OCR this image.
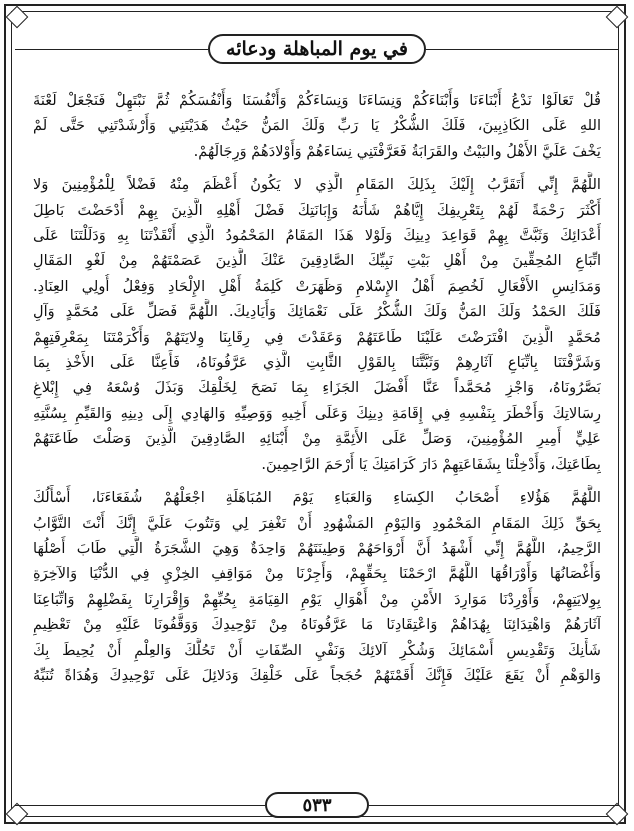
في يوم المباهلة ودعائه

قُلْ تَعَالَوْا نَدْعُ أَبْنَاءَنَا وَأَبْنَاءَكُمْ وَنِسَاءَنَا وَنِسَاءَكُمْ وَأَنْفُسَنَا وَأَنْفُسَكُمْ ثُمَّ نَبْتَهِلْ فَنَجْعَلْ لَعْنَةَ
اللهِ عَلَى الكَاذِبِينَ، فَلَكَ الشُّكْرُ يَا رَبِّ وَلَكَ المَنُّ حَيْثُ هَدَيْتَنِي وَأَرْشَدْتَنِي حَتَّى لَمْ
يَخْفَ عَلَيَّ الأَهْلُ والبَيْتُ والقَرَابَةُ فَعَرَّفْتَنِي نِسَاءَهُمْ وَأَوْلادَهُمْ وَرِجَالَهُمْ.

اللَّهُمَّ إِنِّي أَتَقَرَّبُ إِلَيْكَ بِذَلِكَ المَقَامِ الَّذِي لا يَكُونُ أَعْظَمَ مِنْهُ فَضْلاً لِلْمُؤْمِنِينَ وَلا
أَكْثَرَ رَحْمَةً لَهُمْ بِتَعْرِيفِكَ إِيَّاهُمْ شَأْنَهُ وَإِبَانَتِكَ فَضْلَ أَهْلِهِ الَّذِينَ بِهِمْ أَدْحَضْتَ بَاطِلَ
أَعْدَائِكَ وَثَبَّتَّ بِهِمْ قَوَاعِدَ دِينِكَ وَلَوْلا هَذَا المَقَامُ المَحْمُودُ الَّذِي أَنْقَذْتَنَا بِهِ وَدَلَلْتَنَا عَلَى
اتِّبَاعِ المُحِقِّينَ مِنْ أَهْلِ بَيْتِ نَبِيِّكَ الصَّادِقِينَ عَنْكَ الَّذِينَ عَصَمْتَهُمْ مِنْ لَغْوِ المَقَالِ
وَمَدَانِسِ الأَفْعَالِ لَخُصِمَ أَهْلُ الإِسْلامِ وَظَهَرَتْ كَلِمَةُ أَهْلِ الإِلْحَادِ وَفِعْلُ أُولِي العِنَادِ.
فَلَكَ الحَمْدُ وَلَكَ المَنُّ وَلَكَ الشُّكْرُ عَلَى نَعْمَائِكَ وَأَيَادِيكَ. اللَّهُمَّ فَصَلِّ عَلَى مُحَمَّدٍ وَآلِ
مُحَمَّدٍ الَّذِينَ افْتَرَضْتَ عَلَيْنَا طَاعَتَهُمْ وَعَقَدْتَ فِي رِقَابِنَا وِلايَتَهُمْ وَأَكْرَمْتَنَا بِمَعْرِفَتِهِمْ
وَشَرَّفْتَنَا بِاتِّبَاعِ آثَارِهِمْ وَثَبَّتَّنَا بِالقَوْلِ الثَّابِتِ الَّذِي عَرَّفُونَاهُ، فَأَعِنَّا عَلَى الأَخْذِ بِمَا
بَصَّرُونَاهُ، وَاجْزِ مُحَمَّداً عَنَّا أَفْضَلَ الجَزَاءِ بِمَا نَصَحَ لِخَلْقِكَ وَبَذَلَ وُسْعَهُ فِي إِبْلاغِ
رِسَالاتِكَ وَأَخْطَرَ بِنَفْسِهِ فِي إِقَامَةِ دِينِكَ وَعَلَى أَخِيهِ وَوَصِيِّهِ وَالهَادِي إِلَى دِينِهِ وَالقَيِّمِ بِسُنَّتِهِ
عَلِيٍّ أَمِيرِ المُؤْمِنِينَ، وَصَلِّ عَلَى الأَئِمَّةِ مِنْ أَبْنَائِهِ الصَّادِقِينَ الَّذِينَ وَصَلْتَ طَاعَتَهُمْ
بِطَاعَتِكَ، وَأَدْخِلْنَا بِشَفَاعَتِهِمْ دَارَ كَرَامَتِكَ يَا أَرْحَمَ الرَّاحِمِينَ.

اللَّهُمَّ هَؤُلاءِ أَصْحَابُ الكِسَاءِ وَالعَبَاءِ يَوْمَ المُبَاهَلَةِ اجْعَلْهُمْ شُفَعَاءَنَا، أَسْأَلُكَ
بِحَقِّ ذَلِكَ المَقَامِ المَحْمُودِ وَاليَوْمِ المَشْهُودِ أَنْ تَغْفِرَ لِي وَتَتُوبَ عَلَيَّ إِنَّكَ أَنْتَ التَّوَّابُ
الرَّحِيمُ، اللَّهُمَّ إِنِّي أَشْهَدُ أَنَّ أَرْوَاحَهُمْ وَطِينَتَهُمْ وَاحِدَةٌ وَهِيَ الشَّجَرَةُ الَّتِي طَابَ أَصْلُهَا
وَأَغْصَانُهَا وَأَوْرَاقُهَا اللَّهُمَّ ارْحَمْنَا بِحَقِّهِمْ، وَأَجِرْنَا مِنْ مَوَاقِفِ الخِزْيِ فِي الدُّنْيَا وَالآخِرَةِ
بِوِلايَتِهِمْ، وَأَوْرِدْنَا مَوَارِدَ الأَمْنِ مِنْ أَهْوَالِ يَوْمِ القِيَامَةِ بِحُبِّهِمْ وَإِقْرَارِنَا بِفَضْلِهِمْ وَاتِّبَاعِنَا
آثَارَهُمْ وَاهْتِدَائِنَا بِهُدَاهُمْ وَاعْتِقَادِنَا مَا عَرَّفُونَاهُ مِنْ تَوْحِيدِكَ وَوَقَّفُونَا عَلَيْهِ مِنْ تَعْظِيمِ
شَأْنِكَ وَتَقْدِيسِ أَسْمَائِكَ وَشُكْرِ آلائِكَ وَنَفْيِ الصِّفَاتِ أَنْ تَحُلَّكَ وَالعِلْمِ أَنْ يُحِيطَ بِكَ
وَالوَهْمِ أَنْ يَقَعَ عَلَيْكَ فَإِنَّكَ أَقَمْتَهُمْ حُجَجاً عَلَى خَلْقِكَ وَدَلائِلَ عَلَى تَوْحِيدِكَ وَهُدَاةً تُنَبِّهُ

٥٣٣
